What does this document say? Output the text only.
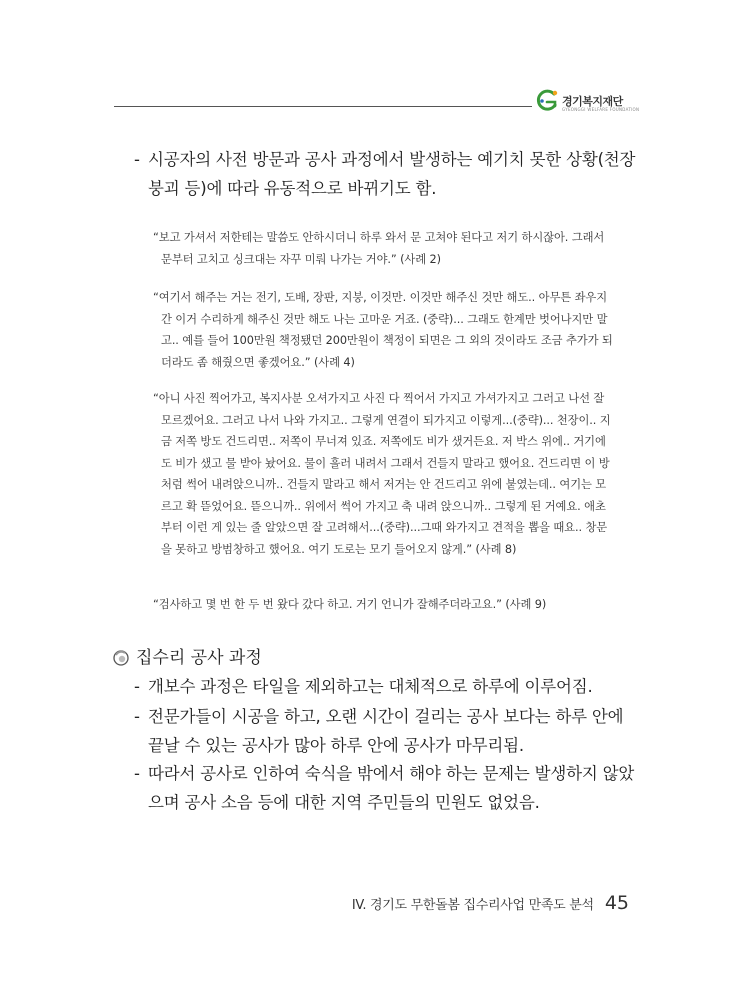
경기복지재단
GYEONGGI WELFARE FOUNDATION
- 시공자의 사전 방문과 공사 과정에서 발생하는 예기치 못한 상황(천장 붕괴 등)에 따라 유동적으로 바뀌기도 함.
“보고 가셔서 저한테는 말씀도 안하시더니 하루 와서 문 고쳐야 된다고 저기 하시잖아. 그래서 문부터 고치고 싱크대는 자꾸 미뤄 나가는 거야.” (사례 2)
“여기서 해주는 거는 전기, 도배, 장판, 지붕, 이것만. 이것만 해주신 것만 해도.. 아무튼 좌우지간 이거 수리하게 해주신 것만 해도 나는 고마운 거죠. (중략)... 그래도 한계만 벗어나지만 말고.. 예를 들어 100만원 책정됐던 200만원이 책정이 되면은 그 외의 것이라도 조금 추가가 되더라도 좀 해줬으면 좋겠어요.” (사례 4)
“아니 사진 찍어가고, 복지사분 오셔가지고 사진 다 찍어서 가지고 가셔가지고 그러고 나선 잘 모르겠어요. 그러고 나서 나와 가지고.. 그렇게 연결이 되가지고 이렇게...(중략)... 천장이.. 지금 저쪽 방도 건드리면.. 저쪽이 무너져 있죠. 저쪽에도 비가 샜거든요. 저 박스 위에.. 거기에도 비가 샜고 물 받아 놨어요. 물이 흘러 내려서 그래서 건들지 말라고 했어요. 건드리면 이 방처럼 썩어 내려앉으니까.. 건들지 말라고 해서 저거는 안 건드리고 위에 붙였는데.. 여기는 모르고 확 뜯었어요. 뜯으니까.. 위에서 썩어 가지고 축 내려 앉으니까.. 그렇게 된 거예요. 애초부터 이런 게 있는 줄 알았으면 잘 고려해서...(중략)...그때 와가지고 견적을 뽑을 때요.. 창문을 못하고 방범창하고 했어요. 여기 도로는 모기 들어오지 않게.” (사례 8)
“검사하고 몇 번 한 두 번 왔다 갔다 하고. 거기 언니가 잘해주더라고요.” (사례 9)
집수리 공사 과정
- 개보수 과정은 타일을 제외하고는 대체적으로 하루에 이루어짐.
- 전문가들이 시공을 하고, 오랜 시간이 걸리는 공사 보다는 하루 안에 끝날 수 있는 공사가 많아 하루 안에 공사가 마무리됨.
- 따라서 공사로 인하여 숙식을 밖에서 해야 하는 문제는 발생하지 않았으며 공사 소음 등에 대한 지역 주민들의 민원도 없었음.
IV. 경기도 무한돌봄 집수리사업 만족도 분석 45
